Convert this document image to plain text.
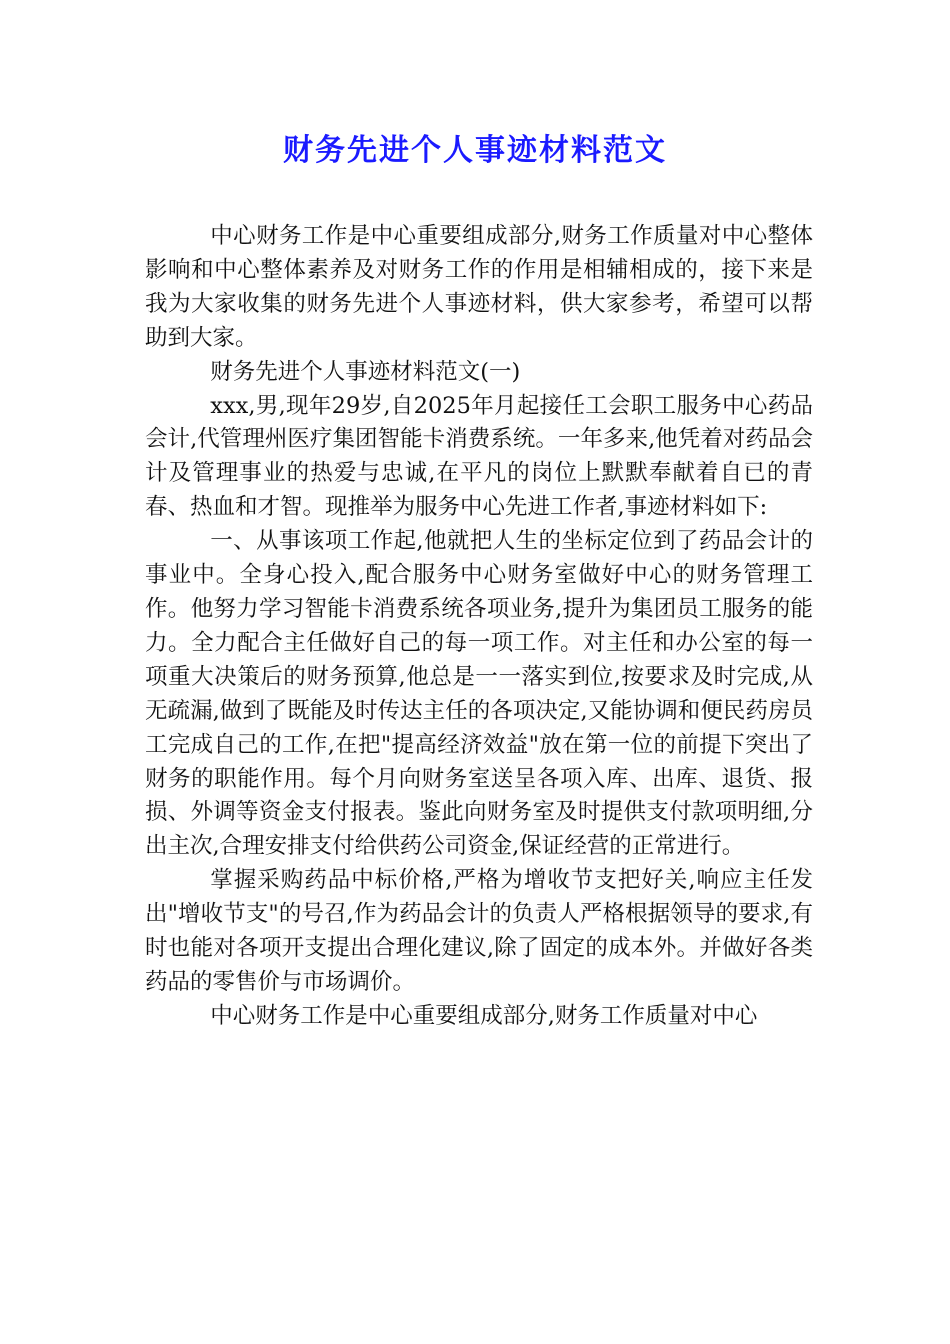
财务先进个人事迹材料范文

中心财务工作是中心重要组成部分,财务工作质量对中心整体影响和中心整体素养及对财务工作的作用是相辅相成的，接下来是我为大家收集的财务先进个人事迹材料，供大家参考，希望可以帮助到大家。

财务先进个人事迹材料范文(一)

xxx,男,现年29岁,自2025年月起接任工会职工服务中心药品会计,代管理州医疗集团智能卡消费系统。一年多来,他凭着对药品会计及管理事业的热爱与忠诚,在平凡的岗位上默默奉献着自已的青春、热血和才智。现推举为服务中心先进工作者,事迹材料如下:

一、从事该项工作起,他就把人生的坐标定位到了药品会计的事业中。全身心投入,配合服务中心财务室做好中心的财务管理工作。他努力学习智能卡消费系统各项业务,提升为集团员工服务的能力。全力配合主任做好自己的每一项工作。对主任和办公室的每一项重大决策后的财务预算,他总是一一落实到位,按要求及时完成,从无疏漏,做到了既能及时传达主任的各项决定,又能协调和便民药房员工完成自己的工作,在把"提高经济效益"放在第一位的前提下突出了财务的职能作用。每个月向财务室送呈各项入库、出库、退货、报损、外调等资金支付报表。鉴此向财务室及时提供支付款项明细,分出主次,合理安排支付给供药公司资金,保证经营的正常进行。

掌握采购药品中标价格,严格为增收节支把好关,响应主任发出"增收节支"的号召,作为药品会计的负责人严格根据领导的要求,有时也能对各项开支提出合理化建议,除了固定的成本外。并做好各类药品的零售价与市场调价。

中心财务工作是中心重要组成部分,财务工作质量对中心
